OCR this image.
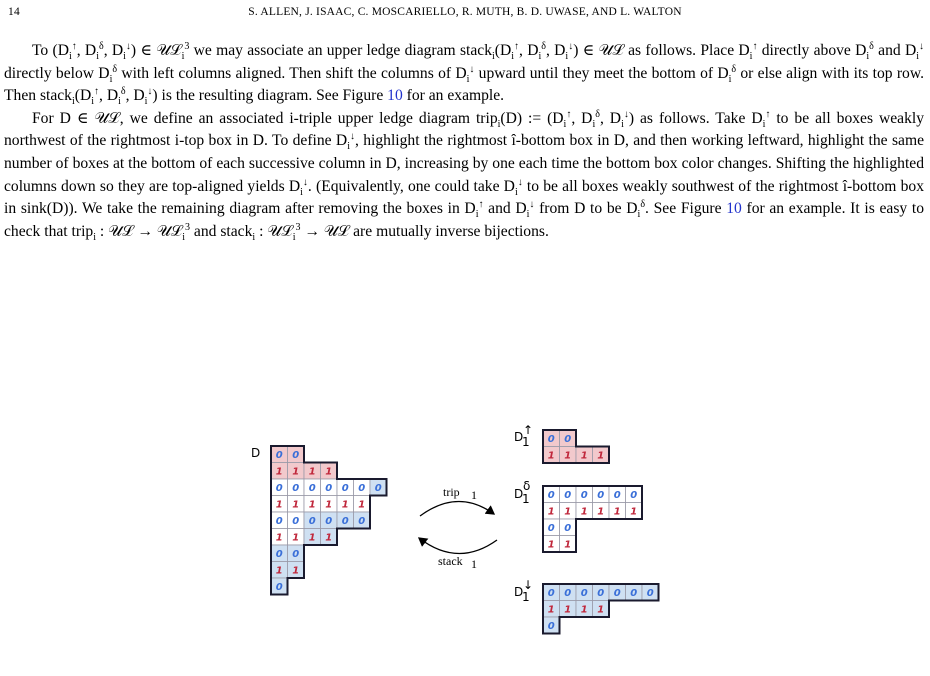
14	S. ALLEN, J. ISAAC, C. MOSCARIELLO, R. MUTH, B. D. UWASE, AND L. WALTON

To ($D_i^↑$, $D_i^\delta$, $D_i^↓$) ∈ 𝒰ℒ$_i^3$ we may associate an upper ledge diagram $stack_i(D_i^↑$, $D_i^\delta$, $D_i^↓$) ∈ 𝒰ℒ as follows. Place $D_i^↑$ directly above $D_i^\delta$ and $D_i^↓$ directly below $D_i^\delta$ with left columns aligned. Then shift the columns of $D_i^↓$ upward until they meet the bottom of $D_i^\delta$ or else align with its top row. Then $stack_i(D_i^↑$, $D_i^\delta$, $D_i^↓$) is the resulting diagram. See Figure 10 for an example.

For D ∈ 𝒰ℒ, we define an associated i-triple upper ledge diagram trip$_i$(D) := ($D_i^↑$, $D_i^\delta$, $D_i^↓$) as follows. Take $D_i^↑$ to be all boxes weakly northwest of the rightmost i-top box in D. To define $D_i^↓$, highlight the rightmost î-bottom box in D, and then working leftward, highlight the same number of boxes at the bottom of each successive column in D, increasing by one each time the bottom box color changes. Shifting the highlighted columns down so they are top-aligned yields $D_i^↓$. (Equivalently, one could take $D_i^↓$ to be all boxes weakly southwest of the rightmost î-bottom box in sink(D)). We take the remaining diagram after removing the boxes in $D_i^↑$ and $D_i^↓$ from D to be $D_i^\delta$. See Figure 10 for an example. It is easy to check that trip$_i$ : 𝒰ℒ → 𝒰ℒ$_i^3$ and stack$_i$ : 𝒰ℒ$_i^3$ → 𝒰ℒ are mutually inverse bijections.

D
D ↑
1
D
δ
1
D ↓
1
trip 1
stack 1
0 0
1 1 1 1
0 0 0 0 0 0 0
1 1 1 1 1 1
0 0 0 0 0 0
1 1 1 1
0 0
1 1
0
0 0
1 1 1 1
0 0 0 0 0 0
1 1 1 1 1 1
0 0
1 1
0 0 0 0 0 0 0
1 1 1 1
0
